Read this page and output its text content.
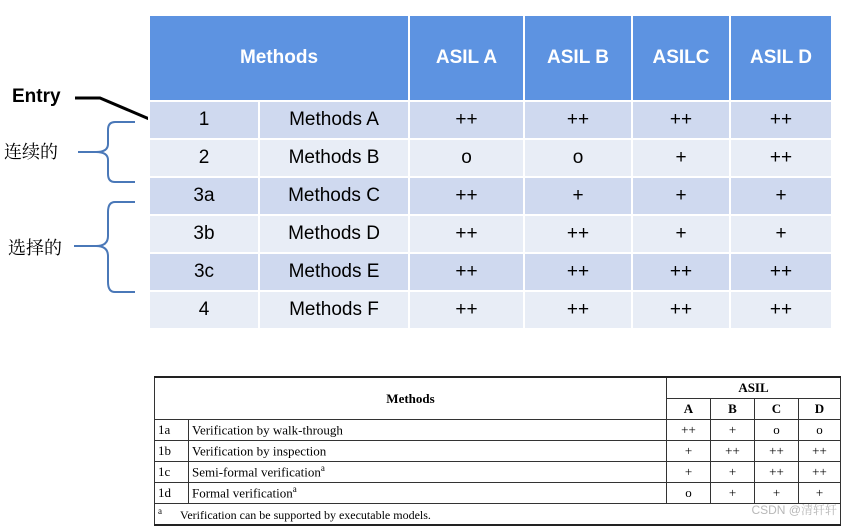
Entry
连续的
选择的
Methods		ASIL A	ASIL B	ASILC	ASIL D
1	Methods A	++	++	++	++
2	Methods B	o	o	+	++
3a	Methods C	++	+	+	+
3b	Methods D	++	++	+	+
3c	Methods E	++	++	++	++
4	Methods F	++	++	++	++
Methods		ASIL			
		A	B	C	D
1a	Verification by walk-through	++	+	o	o
1b	Verification by inspection	+	++	++	++
1c	Semi-formal verification$^a$	+	+	++	++
1d	Formal verification$^a$	o	+	+	+
$^a$ Verification can be supported by executable models.						CSDN @清轩轩
